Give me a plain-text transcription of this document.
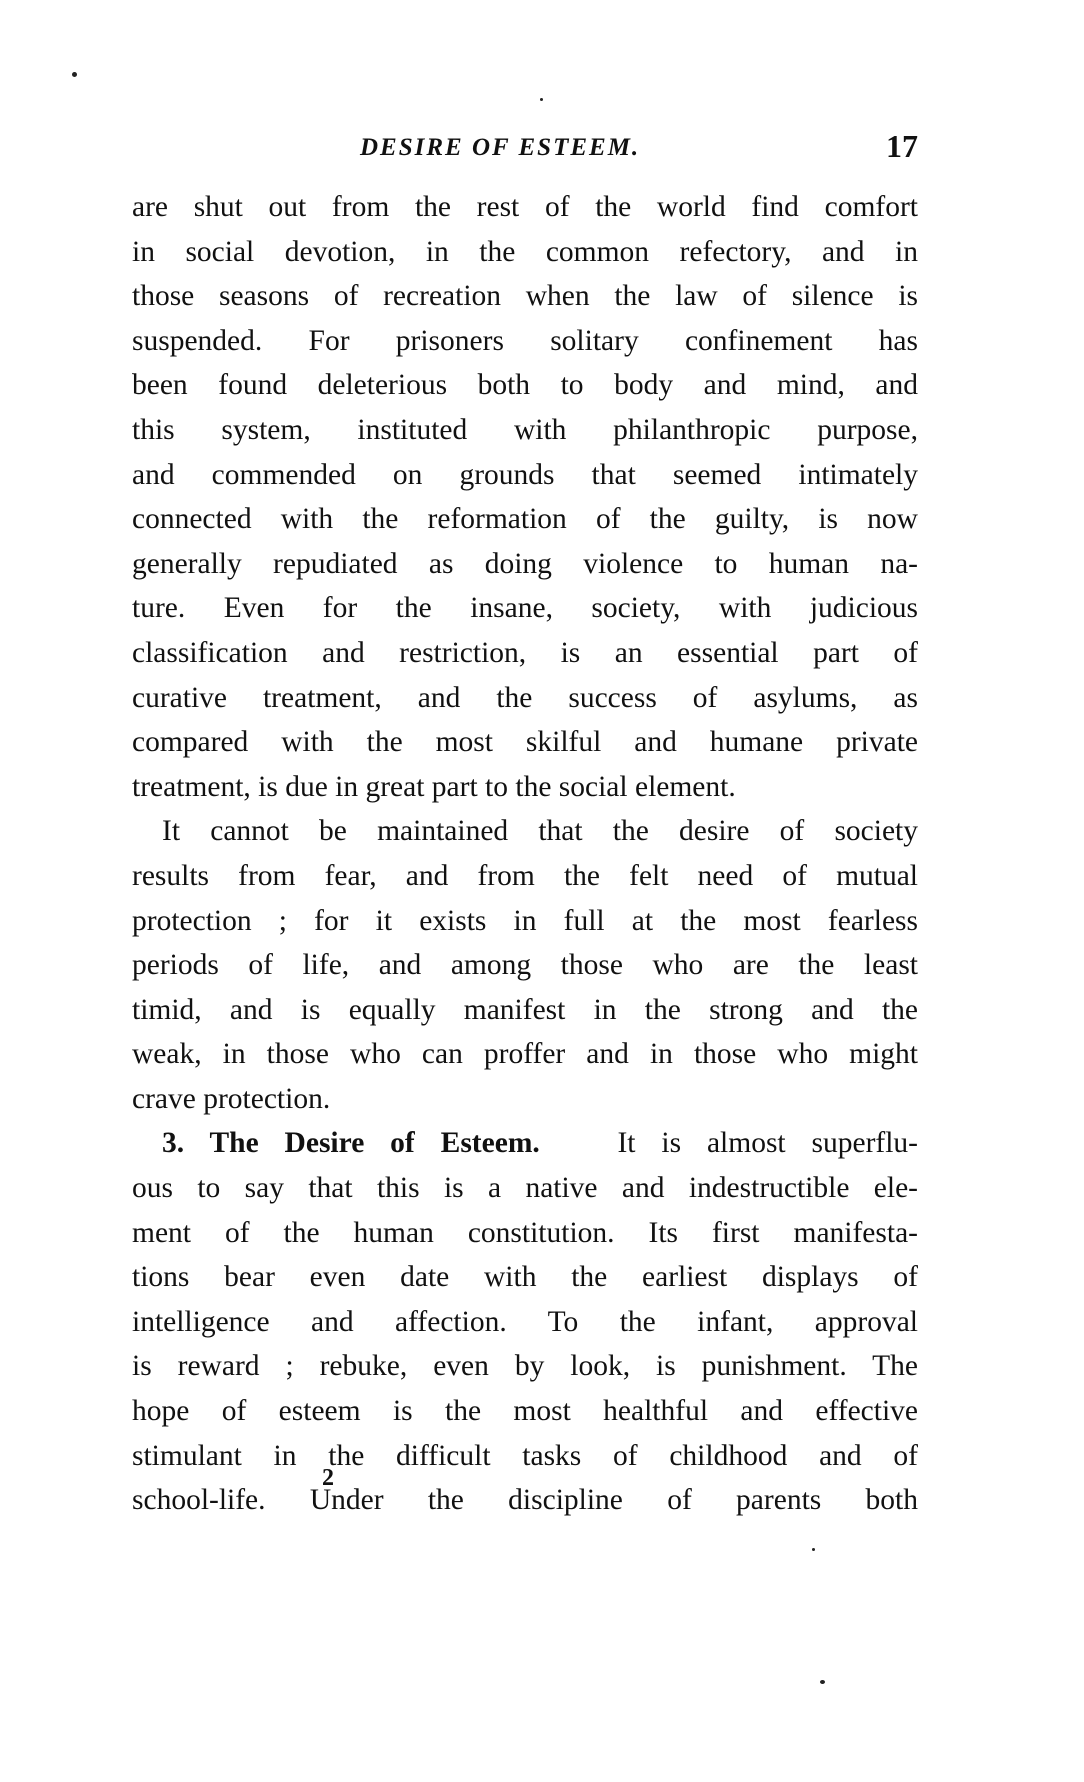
DESIRE OF ESTEEM.	17
are shut out from the rest of the world find comfort
in social devotion, in the common refectory, and in
those seasons of recreation when the law of silence is
suspended. For prisoners solitary confinement has
been found deleterious both to body and mind, and
this system, instituted with philanthropic purpose,
and commended on grounds that seemed intimately
connected with the reformation of the guilty, is now
generally repudiated as doing violence to human na-
ture. Even for the insane, society, with judicious
classification and restriction, is an essential part of
curative treatment, and the success of asylums, as
compared with the most skilful and humane private
treatment, is due in great part to the social element.
It cannot be maintained that the desire of society
results from fear, and from the felt need of mutual
protection ; for it exists in full at the most fearless
periods of life, and among those who are the least
timid, and is equally manifest in the strong and the
weak, in those who can proffer and in those who might
crave protection.
3. The Desire of Esteem.	It is almost superflu-
ous to say that this is a native and indestructible ele-
ment of the human constitution. Its first manifesta-
tions bear even date with the earliest displays of
intelligence and affection. To the infant, approval
is reward ; rebuke, even by look, is punishment. The
hope of esteem is the most healthful and effective
stimulant in the difficult tasks of childhood and of
school-life. Under the discipline of parents both
2
